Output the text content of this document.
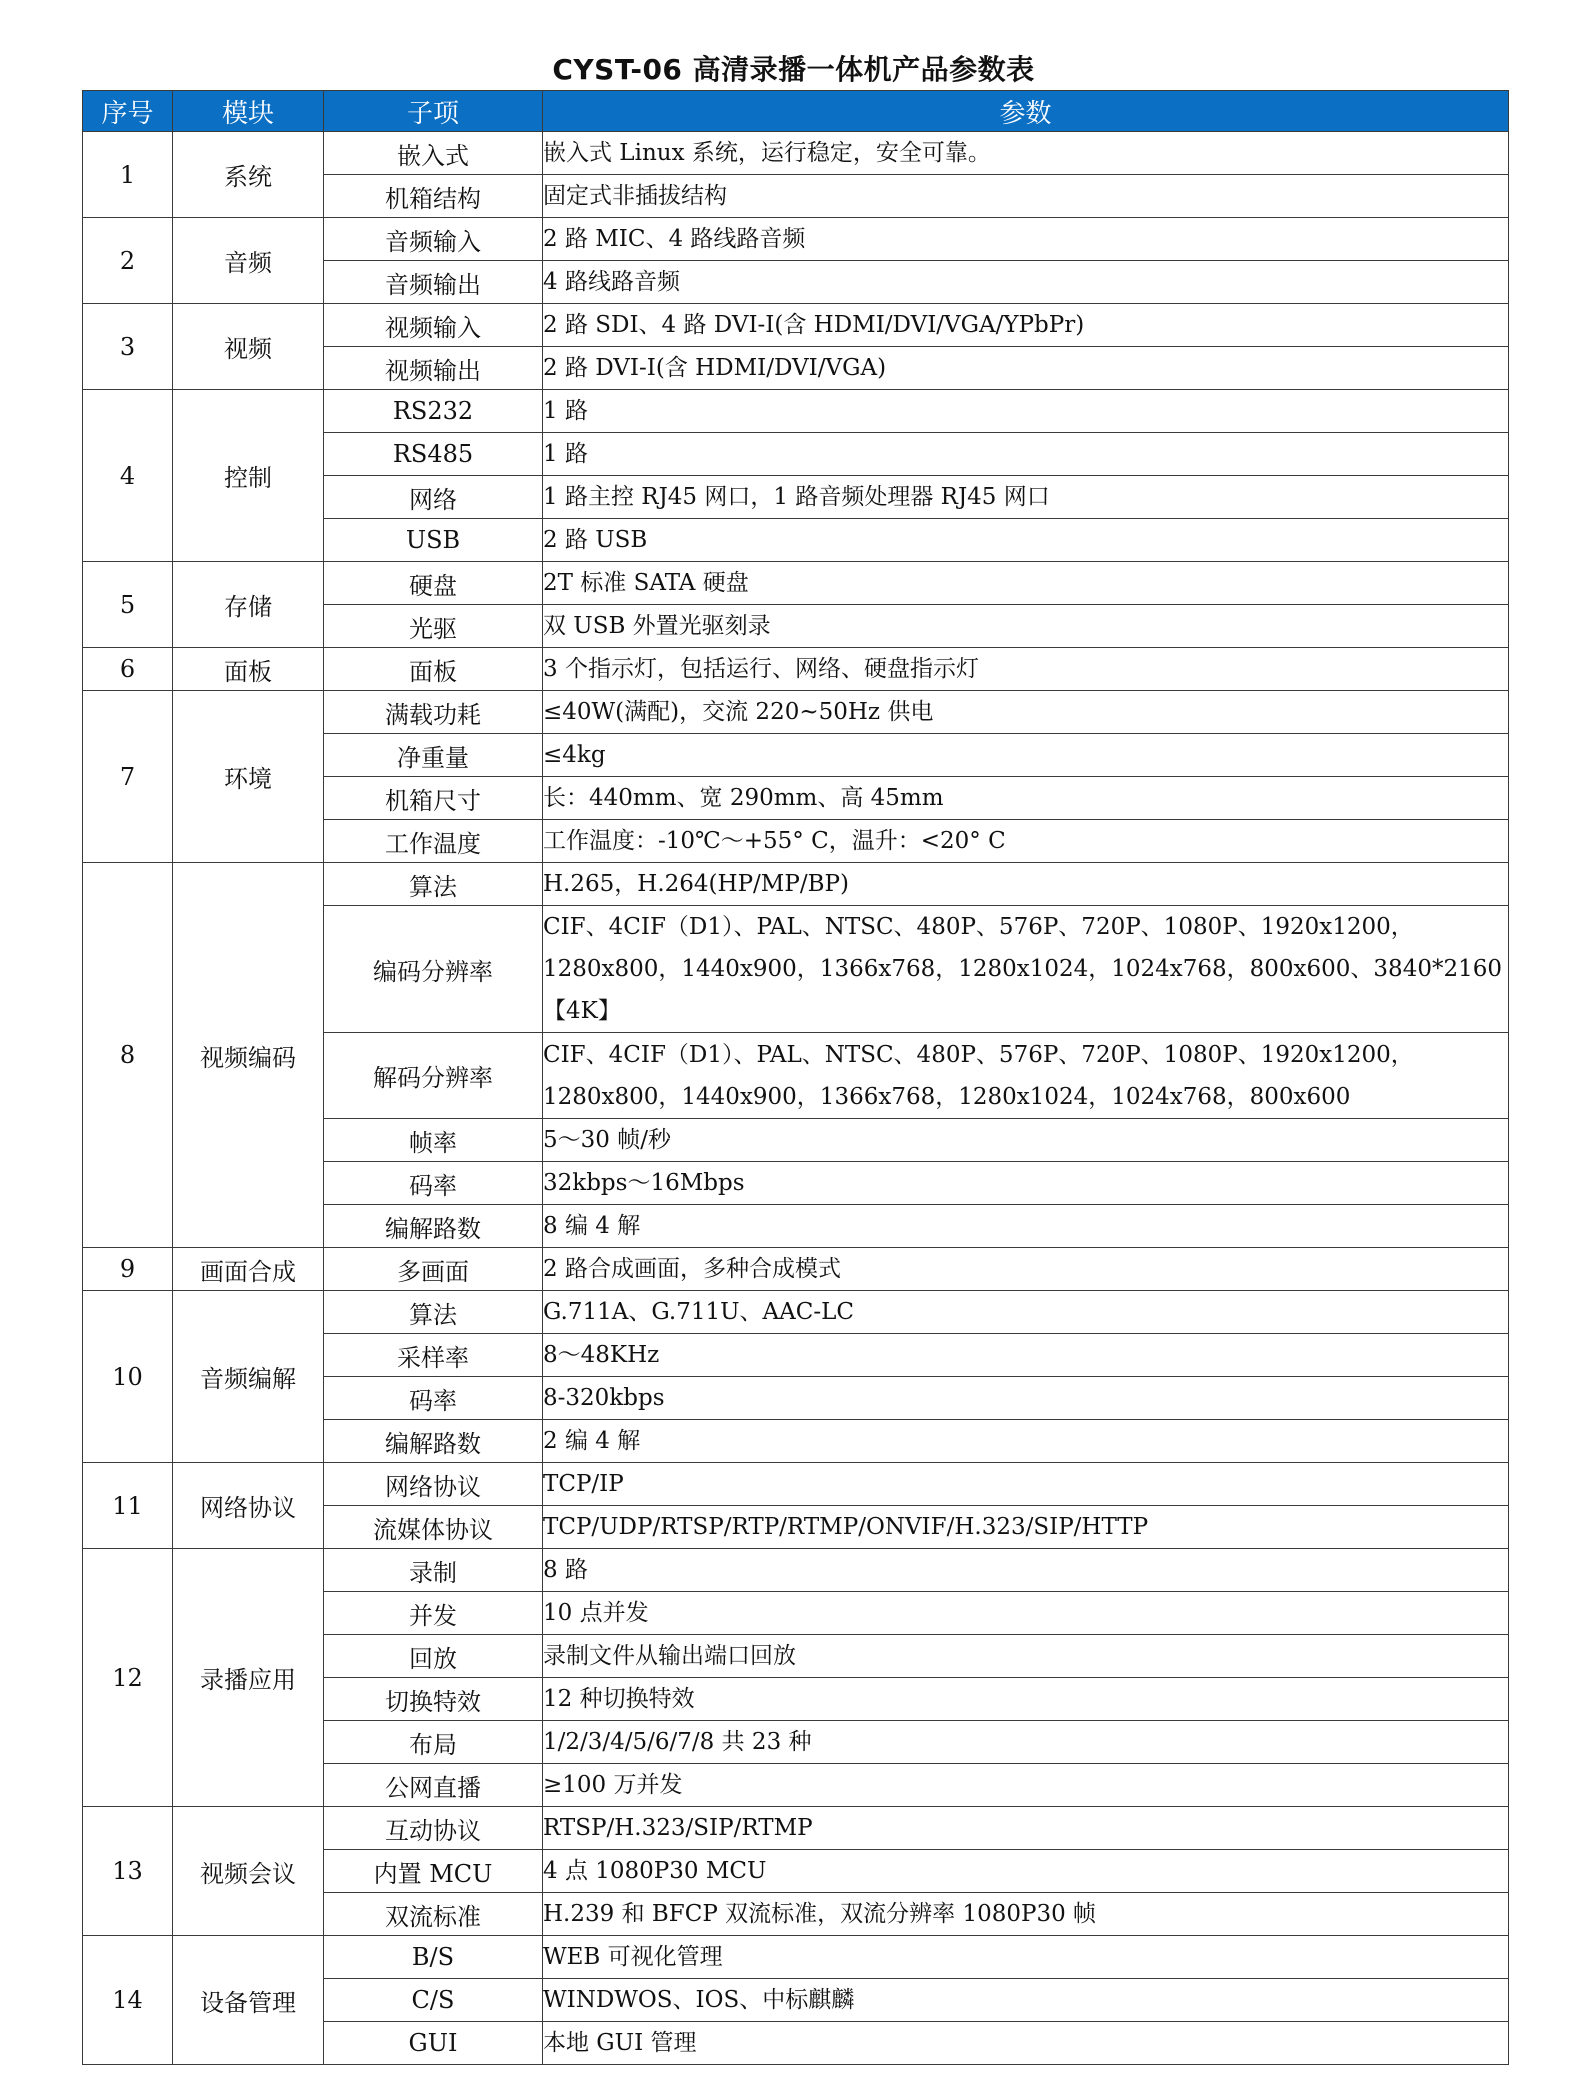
CYST-06 高清录播一体机产品参数表
序号	模块	子项	参数
1	系统	嵌入式	嵌入式 Linux 系统，运行稳定，安全可靠。
		机箱结构	固定式非插拔结构
2	音频	音频输入	2 路 MIC、4 路线路音频
		音频输出	4 路线路音频
3	视频	视频输入	2 路 SDI、4 路 DVI-I(含 HDMI/DVI/VGA/YPbPr)
		视频输出	2 路 DVI-I(含 HDMI/DVI/VGA)
4	控制	RS232	1 路
		RS485	1 路
		网络	1 路主控 RJ45 网口，1 路音频处理器 RJ45 网口
		USB	2 路 USB
5	存储	硬盘	2T 标准 SATA 硬盘
		光驱	双 USB 外置光驱刻录
6	面板	面板	3 个指示灯，包括运行、网络、硬盘指示灯
7	环境	满载功耗	≤40W(满配)，交流 220~50Hz 供电
		净重量	≤4kg
		机箱尺寸	长：440mm、宽 290mm、高 45mm
		工作温度	工作温度：-10℃～+55° C，温升：<20° C
8	视频编码	算法	H.265，H.264(HP/MP/BP)
		编码分辨率	CIF、4CIF（D1）、PAL、NTSC、480P、576P、720P、1080P、1920x1200，1280x800，1440x900，1366x768，1280x1024，1024x768，800x600、3840*2160【4K】
		解码分辨率	CIF、4CIF（D1）、PAL、NTSC、480P、576P、720P、1080P、1920x1200，1280x800，1440x900，1366x768，1280x1024，1024x768，800x600
		帧率	5～30 帧/秒
		码率	32kbps～16Mbps
		编解路数	8 编 4 解
9	画面合成	多画面	2 路合成画面，多种合成模式
10	音频编解	算法	G.711A、G.711U、AAC-LC
		采样率	8～48KHz
		码率	8-320kbps
		编解路数	2 编 4 解
11	网络协议	网络协议	TCP/IP
		流媒体协议	TCP/UDP/RTSP/RTP/RTMP/ONVIF/H.323/SIP/HTTP
12	录播应用	录制	8 路
		并发	10 点并发
		回放	录制文件从输出端口回放
		切换特效	12 种切换特效
		布局	1/2/3/4/5/6/7/8 共 23 种
		公网直播	≥100 万并发
13	视频会议	互动协议	RTSP/H.323/SIP/RTMP
		内置 MCU	4 点 1080P30 MCU
		双流标准	H.239 和 BFCP 双流标准，双流分辨率 1080P30 帧
14	设备管理	B/S	WEB 可视化管理
		C/S	WINDWOS、IOS、中标麒麟
		GUI	本地 GUI 管理
